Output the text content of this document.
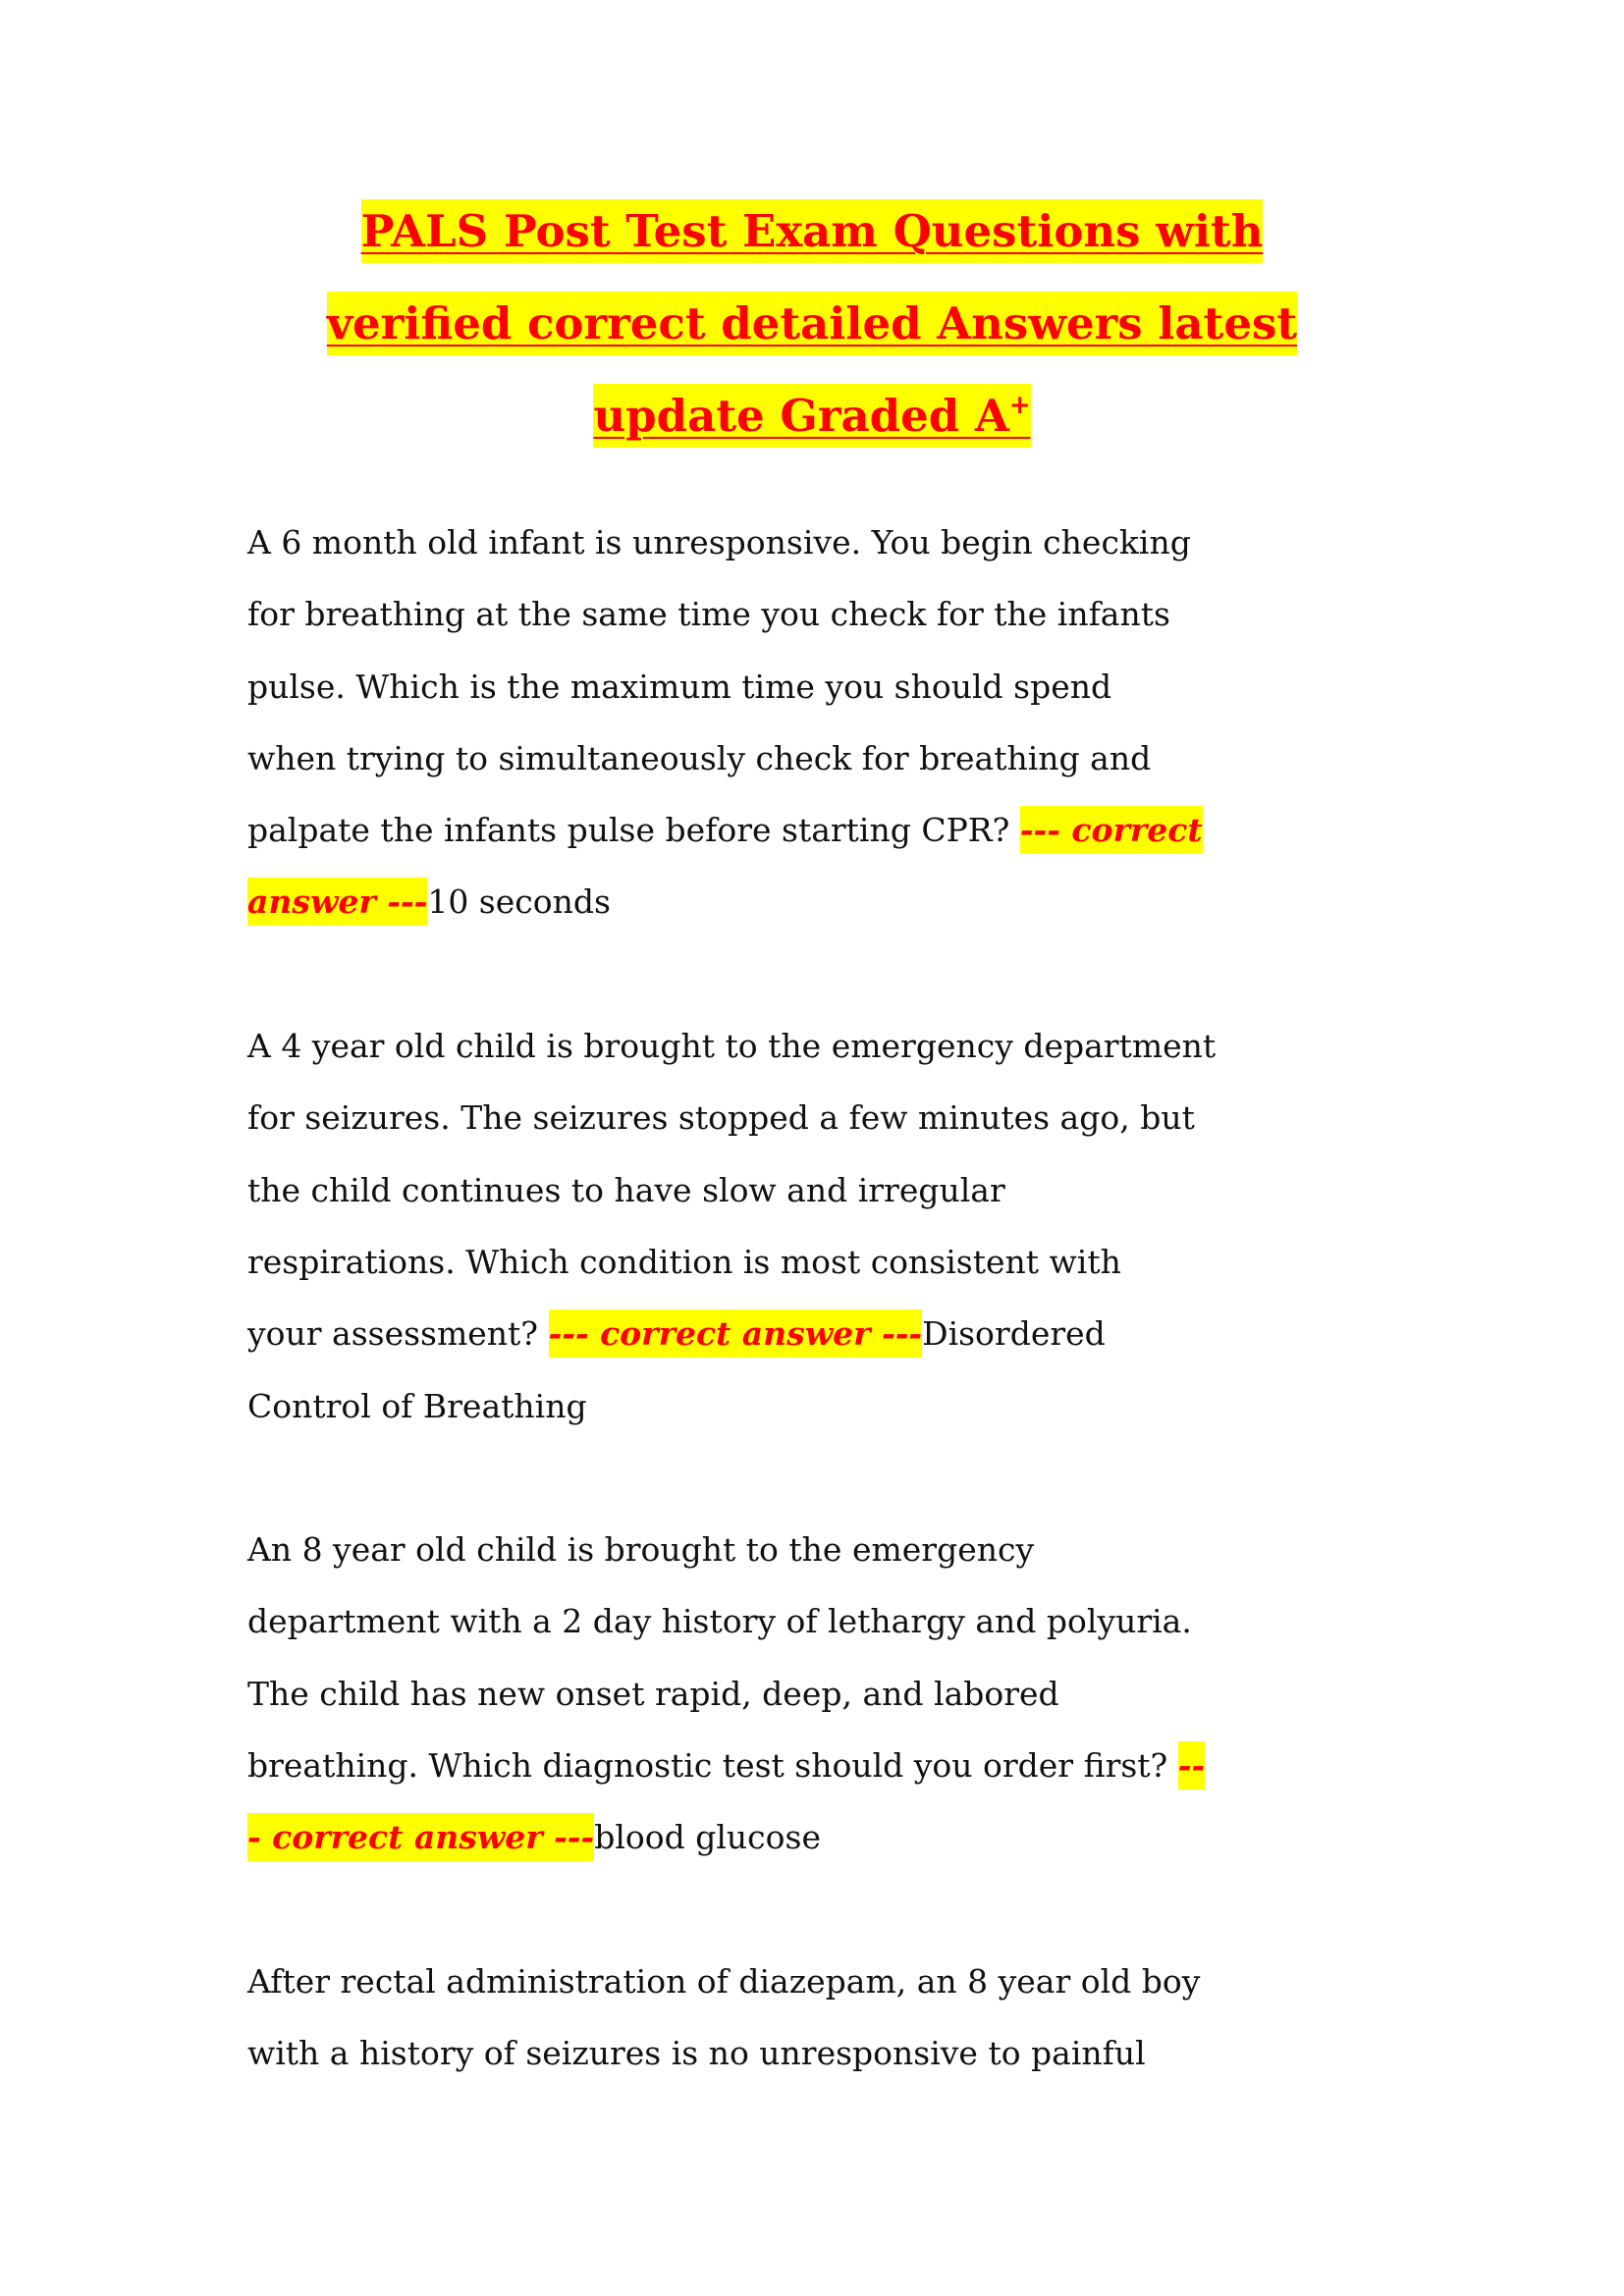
PALS Post Test Exam Questions with
verified correct detailed Answers latest
update Graded A+
A 6 month old infant is unresponsive. You begin checking
for breathing at the same time you check for the infants
pulse. Which is the maximum time you should spend
when trying to simultaneously check for breathing and
palpate the infants pulse before starting CPR? --- correct
answer ---10 seconds
A 4 year old child is brought to the emergency department
for seizures. The seizures stopped a few minutes ago, but
the child continues to have slow and irregular
respirations. Which condition is most consistent with
your assessment? --- correct answer ---Disordered
Control of Breathing
An 8 year old child is brought to the emergency
department with a 2 day history of lethargy and polyuria.
The child has new onset rapid, deep, and labored
breathing. Which diagnostic test should you order first? --
- correct answer ---blood glucose
After rectal administration of diazepam, an 8 year old boy
with a history of seizures is no unresponsive to painful
